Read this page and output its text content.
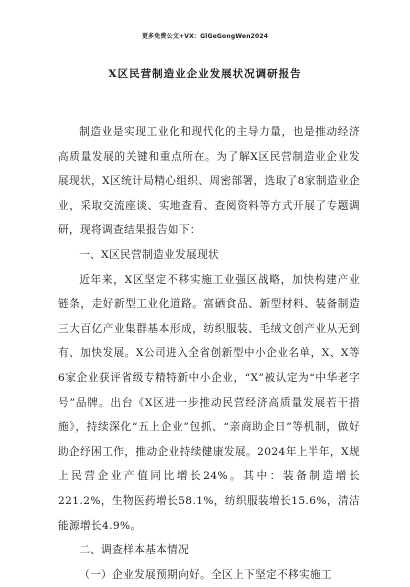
更多免费公文+VX：GlGeGongWen2024
X区民营制造业企业发展状况调研报告

制造业是实现工业化和现代化的主导力量，也是推动经济高质量发展的关键和重点所在。为了解X区民营制造业企业发展现状，X区统计局精心组织、周密部署，选取了8家制造业企业，采取交流座谈、实地查看、查阅资料等方式开展了专题调研，现将调查结果报告如下：

一、X区民营制造业发展现状

近年来，X区坚定不移实施工业强区战略，加快构建产业链条，走好新型工业化道路。富硒食品、新型材料、装备制造三大百亿产业集群基本形成，纺织服装、毛绒文创产业从无到有、加快发展。X公司进入全省创新型中小企业名单，X、X等6家企业获评省级专精特新中小企业，“X”被认定为“中华老字号”品牌。出台《X区进一步推动民营经济高质量发展若干措施》，持续深化“五上企业”包抓、“亲商助企日”等机制，做好助企纾困工作，推动企业持续健康发展。2024年上半年，X规上民营企业产值同比增长24%。其中：装备制造增长221.2%，生物医药增长58.1%，纺织服装增长15.6%，清洁能源增长4.9%。

二、调查样本基本情况

（一）企业发展预期向好。全区上下坚定不移实施工
